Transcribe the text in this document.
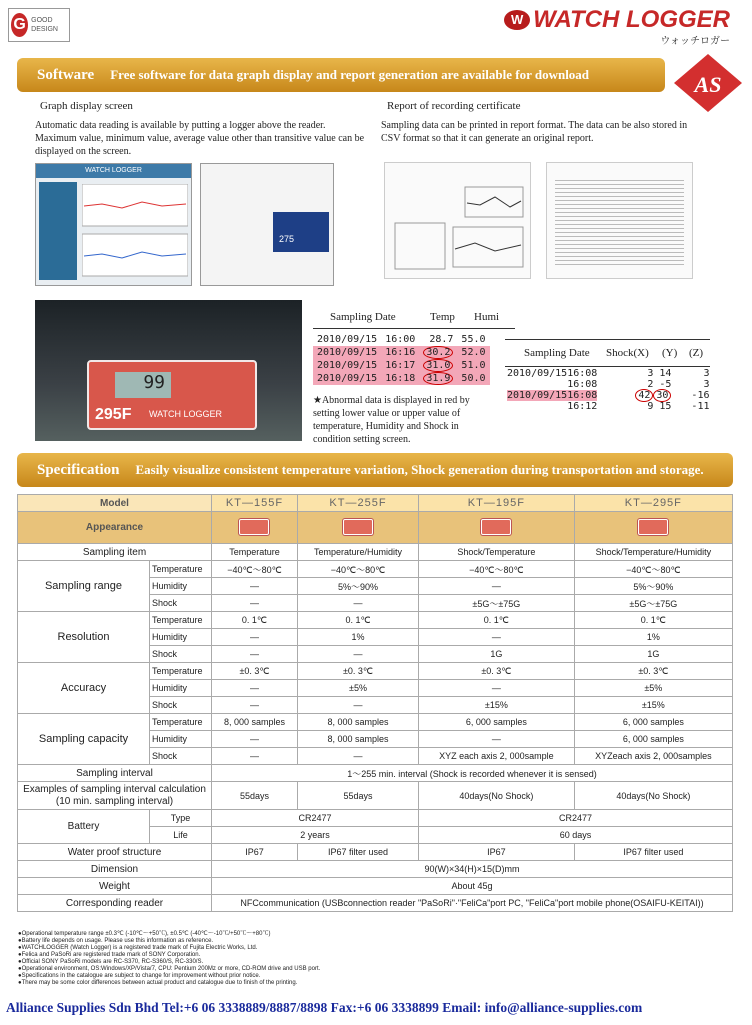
G GOOD DESIGN
W WATCH LOGGER
ウォッチロガー
Software Free software for data graph display and report generation are available for download	AS
Graph display screen
Automatic data reading is available by putting a logger above the reader. Maximum value, minimum value, average value other than transitive value can be displayed on the screen.
Report of recording certificate
Sampling data can be printed in report format. The data can be also stored in CSV format so that it can generate an original report.
WATCH LOGGER
275
99
295F WATCH LOGGER
Sampling Date	Temp Humi
2010/09/15	16:00	28.7	55.0
2010/09/15	16:16	30.2	52.0
2010/09/15	16:17	31.0	51.0
2010/09/15	16:18	31.9	50.0
★Abnormal data is displayed in red by setting lower value or upper value of temperature, Humidity and Shock in condition setting screen.
Sampling Date Shock(X) (Y) (Z)
2010/09/15	16:08	3	14	3
	16:08	2	-5	3
2010/09/15	16:08	42	30	-16
	16:12	9	15	-11
Specification Easily visualize consistent temperature variation, Shock generation during transportation and storage.
Model		KT—155F	KT—255F	KT—195F	KT—295F
Appearance					
Sampling item		Temperature	Temperature/Humidity	Shock/Temperature	Shock/Temperature/Humidity
Sampling range	Temperature	−40℃〜80℃	−40℃〜80℃	−40℃〜80℃	−40℃〜80℃
	Humidity	—	5%〜90%	—	5%〜90%
	Shock	—	—	±5G〜±75G	±5G〜±75G
Resolution	Temperature	0. 1℃	0. 1℃	0. 1℃	0. 1℃
	Humidity	—	1%	—	1%
	Shock	—	—	1G	1G
Accuracy	Temperature	±0. 3℃	±0. 3℃	±0. 3℃	±0. 3℃
	Humidity	—	±5%	—	±5%
	Shock	—	—	±15%	±15%
Sampling capacity	Temperature	8, 000 samples	8, 000 samples	6, 000 samples	6, 000 samples
	Humidity	—	8, 000 samples	—	6, 000 samples
	Shock	—	—	XYZ each axis 2, 000sample	XYZeach axis 2, 000samples
Sampling interval		1〜255 min. interval (Shock is recorded whenever it is sensed)			
Examples of sampling interval calculation (10 min. sampling interval)		55days	55days	40days(No Shock)	40days(No Shock)
Battery	Type	CR2477		CR2477	
	Life	2 years		60 days	
Water proof structure		IP67	IP67 filter used	IP67	IP67 filter used
Dimension		90(W)×34(H)×15(D)mm			
Weight		About 45g			
Corresponding reader		NFCcommunication (USBconnection reader "PaSoRi"·"FeliCa"port PC, "FeliCa"port mobile phone(OSAIFU-KEITAI))			
●Operational temperature range ±0.3℃ (-10℃〜+50℃), ±0.5℃ (-40℃〜-10℃/+50℃〜+80℃)
●Battery life depends on usage. Please use this information as reference.
●WATCHLOGGER (Watch Logger) is a registered trade mark of Fujita Electric Works, Ltd.
●Felica and PaSoRi are registered trade mark of SONY Corporation.
●Official SONY PaSoRi models are RC-S370, RC-S360/S, RC-330/S.
●Operational environment, OS:Windows/XP/Vista/7, CPU: Pentium 200Mz or more, CD-ROM drive and USB port.
●Specifications in the catalogue are subject to change for improvement without prior notice.
●There may be some color differences between actual product and catalogue due to finish of the printing.
Alliance Supplies Sdn Bhd Tel:+6 06 3338889/8887/8898 Fax:+6 06 3338899 Email: info@alliance-supplies.com
